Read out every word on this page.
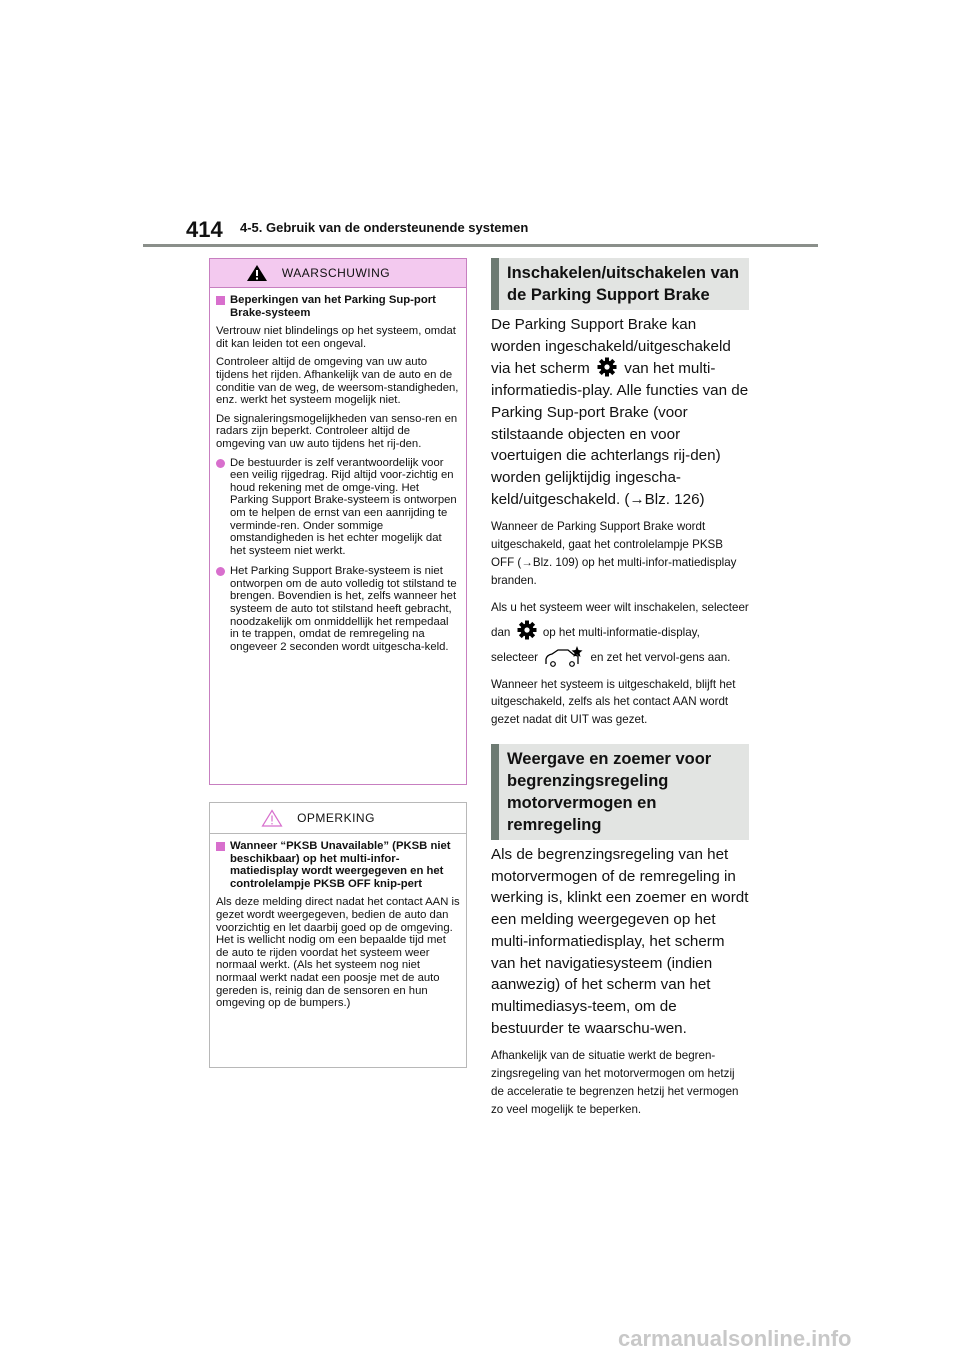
414 4-5. Gebruik van de ondersteunende systemen
WAARSCHUWING
Beperkingen van het Parking Sup-port Brake-systeem

Vertrouw niet blindelings op het systeem, omdat dit kan leiden tot een ongeval.

Controleer altijd de omgeving van uw auto tijdens het rijden. Afhankelijk van de auto en de conditie van de weg, de weersom-standigheden, enz. werkt het systeem mogelijk niet.

De signaleringsmogelijkheden van senso-ren en radars zijn beperkt. Controleer altijd de omgeving van uw auto tijdens het rij-den.

De bestuurder is zelf verantwoordelijk voor een veilig rijgedrag. Rijd altijd voor-zichtig en houd rekening met de omge-ving. Het Parking Support Brake-systeem is ontworpen om te helpen de ernst van een aanrijding te verminde-ren. Onder sommige omstandigheden is het echter mogelijk dat het systeem niet werkt.
Het Parking Support Brake-systeem is niet ontworpen om de auto volledig tot stilstand te brengen. Bovendien is het, zelfs wanneer het systeem de auto tot stilstand heeft gebracht, noodzakelijk om onmiddellijk het rempedaal in te trappen, omdat de remregeling na ongeveer 2 seconden wordt uitgescha-keld.
OPMERKING
Wanneer “PKSB Unavailable” (PKSB niet beschikbaar) op het multi-infor-matiedisplay wordt weergegeven en het controlelampje PKSB OFF knip-pert

Als deze melding direct nadat het contact AAN is gezet wordt weergegeven, bedien de auto dan voorzichtig en let daarbij goed op de omgeving. Het is wellicht nodig om een bepaalde tijd met de auto te rijden voordat het systeem weer normaal werkt. (Als het systeem nog niet normaal werkt nadat een poosje met de auto gereden is, reinig dan de sensoren en hun omgeving op de bumpers.)

Inschakelen/uitschakelen van de Parking Support Brake

De Parking Support Brake kan worden ingeschakeld/uitgeschakeld via het scherm van het multi-informatiedis-play. Alle functies van de Parking Sup-port Brake (voor stilstaande objecten en voor voertuigen die achterlangs rij-den) worden gelijktijdig ingescha-keld/uitgeschakeld. (→Blz. 126)

Wanneer de Parking Support Brake wordt uitgeschakeld, gaat het controlelampje PKSB OFF (→Blz. 109) op het multi-infor-matiedisplay branden.

Als u het systeem weer wilt inschakelen, selecteer dan	op het multi-informatie-display, selecteer	en zet het vervol-gens aan.

Wanneer het systeem is uitgeschakeld, blijft het uitgeschakeld, zelfs als het contact AAN wordt gezet nadat dit UIT was gezet.

Weergave en zoemer voor begrenzingsregeling motorvermogen en remregeling

Als de begrenzingsregeling van het motorvermogen of de remregeling in werking is, klinkt een zoemer en wordt een melding weergegeven op het multi-informatiedisplay, het scherm van het navigatiesysteem (indien aanwezig) of het scherm van het multimediasys-teem, om de bestuurder te waarschu-wen.

Afhankelijk van de situatie werkt de begren-zingsregeling van het motorvermogen om hetzij de acceleratie te begrenzen hetzij het vermogen zo veel mogelijk te beperken.

carmanualsonline.info
